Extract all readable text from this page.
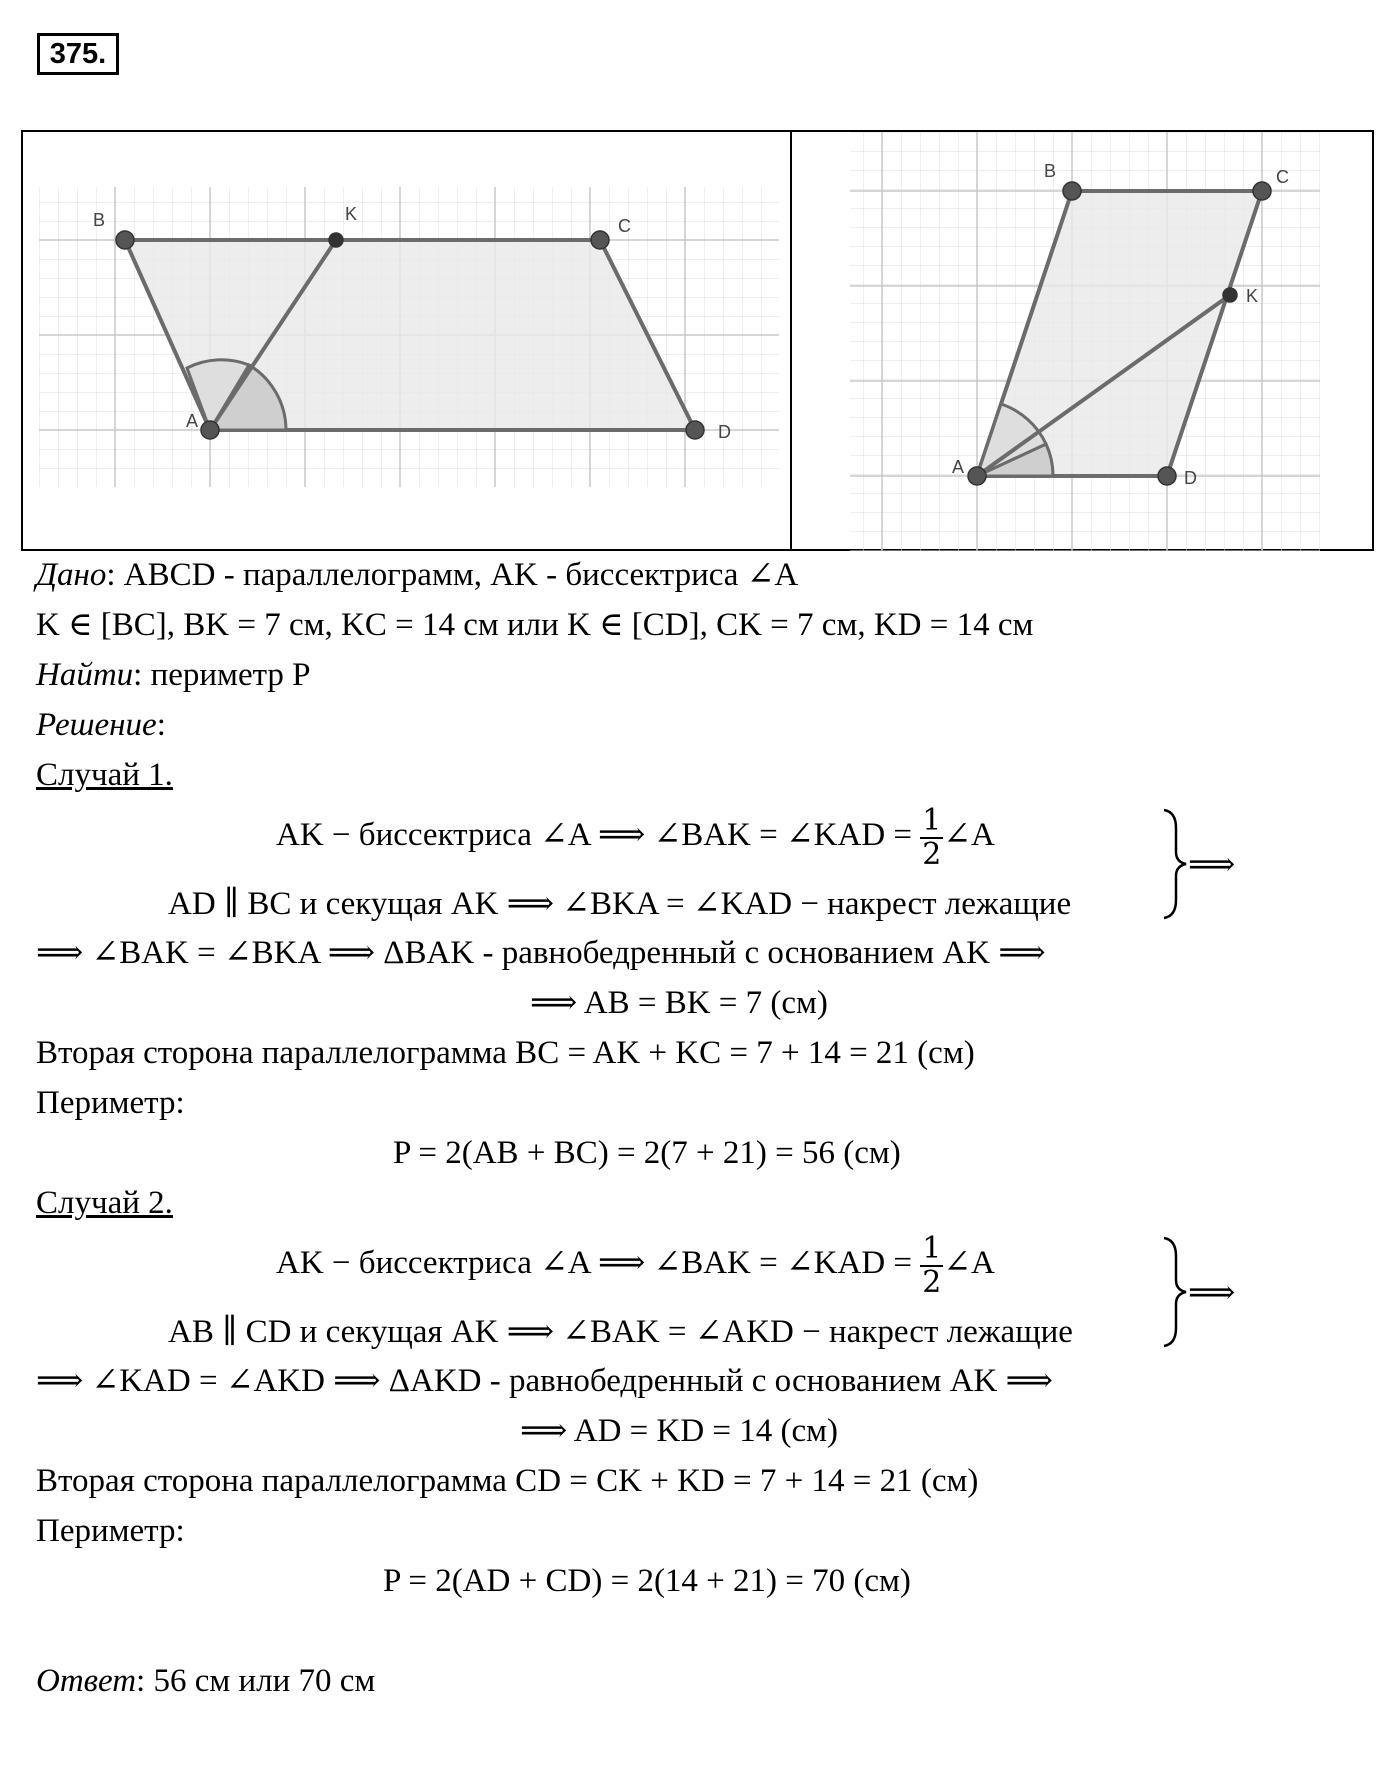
375.
B	K
C
D
A
B	C
K
D
A
Дано: ABCD - параллелограмм, AK - биссектриса ∠A
K ∈ [BC], BK = 7 см, KC = 14 см или K ∈ [CD], CK = 7 см, KD = 14 см
Найти: периметр P
Решение:
Случай 1.
AK − биссектриса ∠A ⟹ ∠BAK = ∠KAD = $\frac{1}{2}$ ∠A
AD ∥ BC и секущая AK ⟹ ∠BKA = ∠KAD − накрест лежащие
⟹
⟹ ∠BAK = ∠BKA ⟹ ΔBAK - равнобедренный с основанием AK ⟹
⟹ AB = BK = 7 (см)
Вторая сторона параллелограмма BC = AK + KC = 7 + 14 = 21 (см)
Периметр:
P = 2(AB + BC) = 2(7 + 21) = 56 (см)
Случай 2.
AK − биссектриса ∠A ⟹ ∠BAK = ∠KAD = $\frac{1}{2}$ ∠A
AB ∥ CD и секущая AK ⟹ ∠BAK = ∠AKD − накрест лежащие
⟹
⟹ ∠KAD = ∠AKD ⟹ ΔAKD - равнобедренный с основанием AK ⟹
⟹ AD = KD = 14 (см)
Вторая сторона параллелограмма CD = CK + KD = 7 + 14 = 21 (см)
Периметр:
P = 2(AD + CD) = 2(14 + 21) = 70 (см)
Ответ: 56 см или 70 см
